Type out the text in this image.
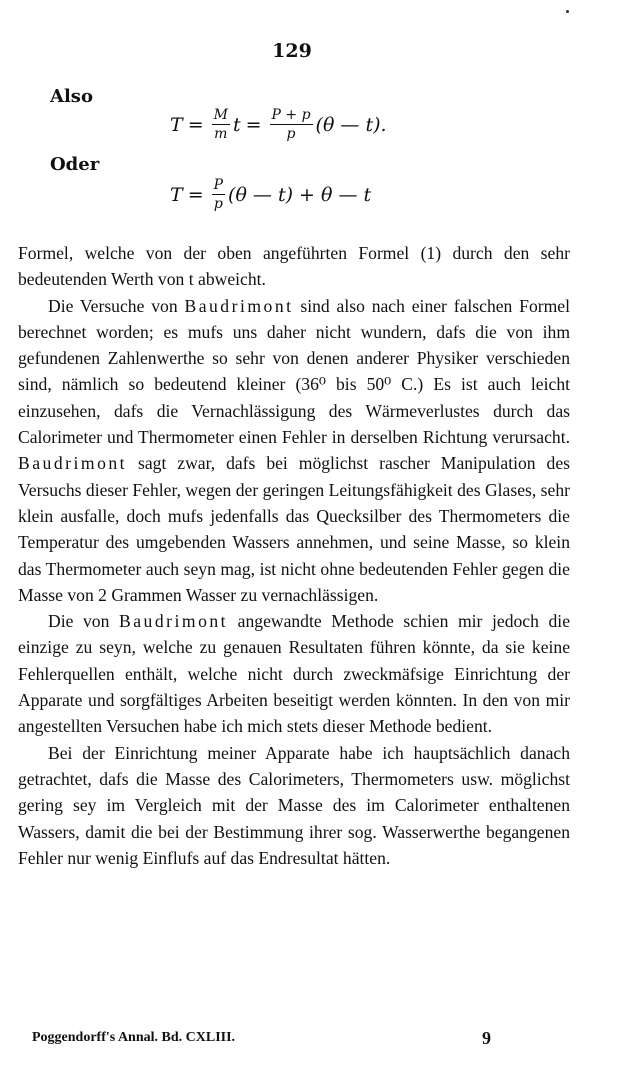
129
Also
$T = \frac{M}{m}$ $t = \frac{P + p}{p} (\theta$ — t).
Oder
$T = \frac{P}{p} (\theta$ — t) + θ — t

Formel, welche von der oben angeführten Formel (1) durch den sehr bedeutenden Werth von t abweicht.

Die Versuche von Baudrimont sind also nach einer falschen Formel berechnet worden; es mufs uns daher nicht wundern, dafs die von ihm gefundenen Zahlenwerthe so sehr von denen anderer Physiker verschieden sind, nämlich so bedeutend kleiner (36⁰ bis 50⁰ C.) Es ist auch leicht einzusehen, dafs die Vernachlässigung des Wärmeverlustes durch das Calorimeter und Thermometer einen Fehler in derselben Richtung verursacht. Baudrimont sagt zwar, dafs bei möglichst rascher Manipulation des Versuchs dieser Fehler, wegen der geringen Leitungsfähigkeit des Glases, sehr klein ausfalle, doch mufs jedenfalls das Quecksilber des Thermometers die Temperatur des umgebenden Wassers annehmen, und seine Masse, so klein das Thermometer auch seyn mag, ist nicht ohne bedeutenden Fehler gegen die Masse von 2 Grammen Wasser zu vernachlässigen.

Die von Baudrimont angewandte Methode schien mir jedoch die einzige zu seyn, welche zu genauen Resultaten führen könnte, da sie keine Fehlerquellen enthält, welche nicht durch zweckmäfsige Einrichtung der Apparate und sorgfältiges Arbeiten beseitigt werden könnten. In den von mir angestellten Versuchen habe ich mich stets dieser Methode bedient.

Bei der Einrichtung meiner Apparate habe ich hauptsächlich danach getrachtet, dafs die Masse des Calorimeters, Thermometers usw. möglichst gering sey im Vergleich mit der Masse des im Calorimeter enthaltenen Wassers, damit die bei der Bestimmung ihrer sog. Wasserwerthe begangenen Fehler nur wenig Einflufs auf das Endresultat hätten.

Poggendorff's Annal. Bd. CXLIII.	9
